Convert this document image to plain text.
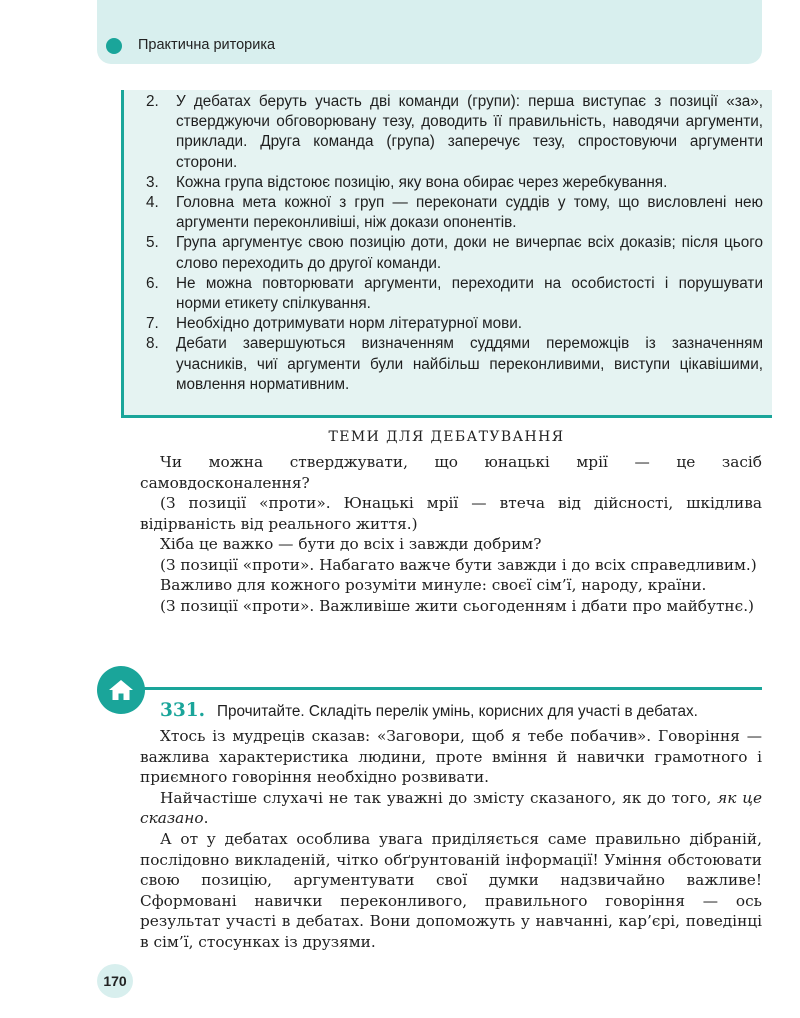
Практична риторика
2.	У дебатах беруть участь дві команди (групи): перша виступає з позиції «за», стверджуючи обговорювану тезу, доводить її правильність, наводячи аргументи, приклади. Друга команда (група) заперечує тезу, спростовуючи аргументи сторони.
3.	Кожна група відстоює позицію, яку вона обирає через жеребкування.
4.	Головна мета кожної з груп — переконати суддів у тому, що висловлені нею аргументи переконливіші, ніж докази опонентів.
5.	Група аргументує свою позицію доти, доки не вичерпає всіх доказів; після цього слово переходить до другої команди.
6.	Не можна повторювати аргументи, переходити на особистості і порушувати норми етикету спілкування.
7.	Необхідно дотримувати норм літературної мови.
8.	Дебати завершуються визначенням суддями переможців із зазначенням учасників, чиї аргументи були найбільш переконливими, виступи цікавішими, мовлення нормативним.
ТЕМИ ДЛЯ ДЕБАТУВАННЯ

Чи можна стверджувати, що юнацькі мрії — це засіб самовдосконалення?

(З позиції «проти». Юнацькі мрії — втеча від дійсності, шкідлива відірваність від реального життя.)

Хіба це важко — бути до всіх і завжди добрим?

(З позиції «проти». Набагато важче бути завжди і до всіх справедливим.)

Важливо для кожного розуміти минуле: своєї сім’ї, народу, країни.

(З позиції «проти». Важливіше жити сьогоденням і дбати про майбутнє.)

331. Прочитайте. Складіть перелік умінь, корисних для участі в дебатах.

Хтось із мудреців сказав: «Заговори, щоб я тебе побачив». Говоріння — важлива характеристика людини, проте вміння й навички грамотного і приємного говоріння необхідно розвивати.

Найчастіше слухачі не так уважні до змісту сказаного, як до того, як це сказано.

А от у дебатах особлива увага приділяється саме правильно дібраній, послідовно викладеній, чітко обґрунтованій інформації! Уміння обстоювати свою позицію, аргументувати свої думки надзвичайно важливе! Сформовані навички переконливого, правильного говоріння — ось результат участі в дебатах. Вони допоможуть у навчанні, кар’єрі, поведінці в сім’ї, стосунках із друзями.

170
